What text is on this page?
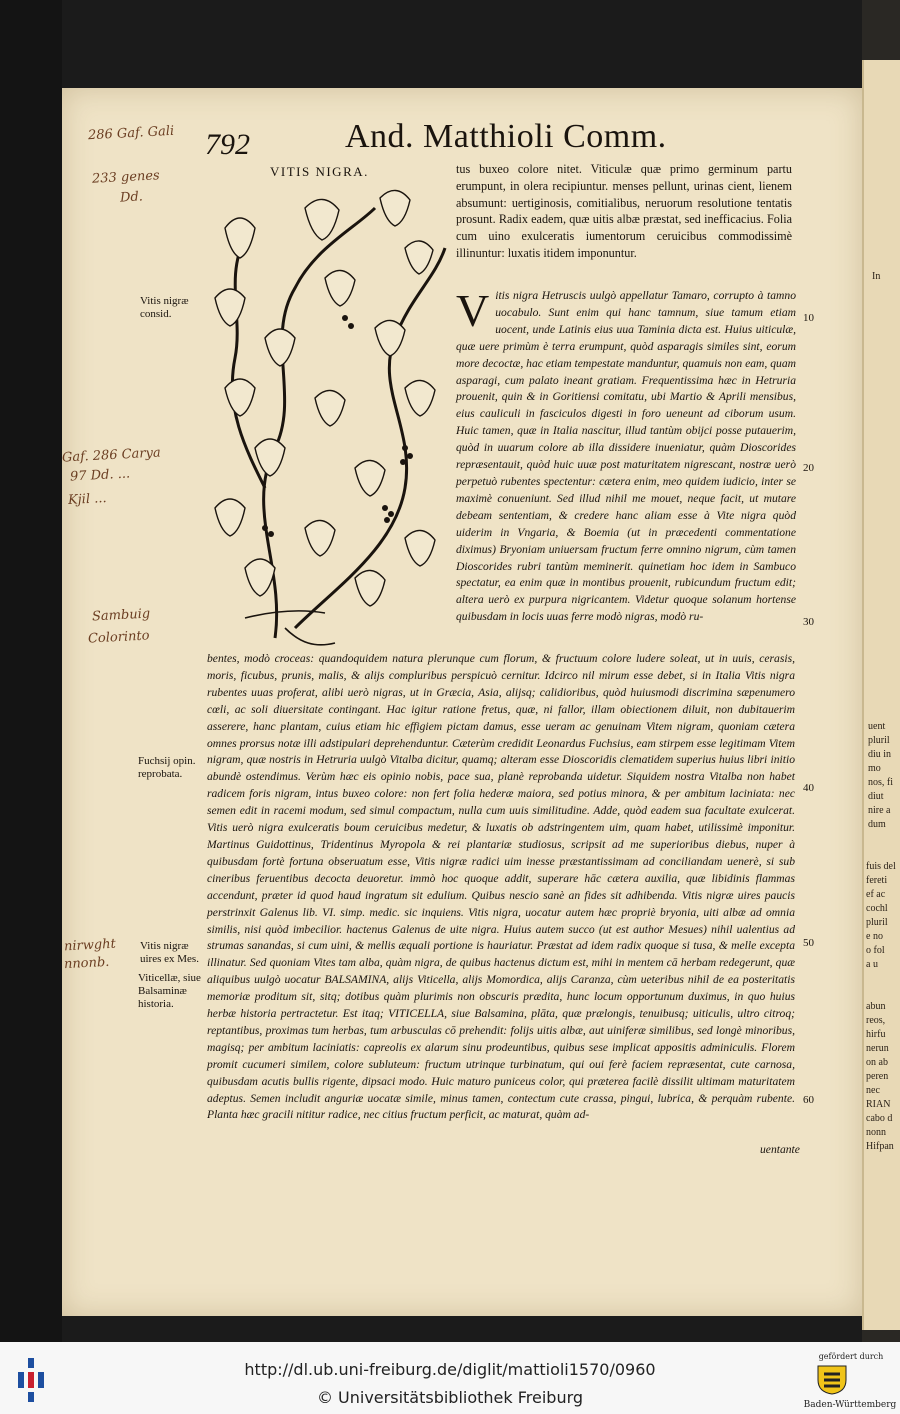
In
uent
pluril
diu in
mo
nos, fi
diut
nire a
dum
fuis del
fereti
ef ac
cochl
pluril
e no
o fol
a u
abun
reos,
hirfu
nerun
on ab
peren
nec
RIAN
cabo d
nonn
Hifpan
792	And. Matthioli Comm.
286 Gaf. Gali
233 genes
Dd.
Gaf. 286 Carya
97 Dd. ...
Kjil ...
Sambuig
Colorinto
nirwght
nnonb.
VITIS NIGRA.	tus buxeo colore nitet. Viticulæ quæ primo germinum partu erumpunt, in olera recipiuntur. menses pellunt, urinas cient, lienem absumunt: uertiginosis, comitialibus, neruorum resolutione tentatis prosunt. Radix eadem, quæ uitis albæ præstat, sed inefficacius. Folia cum uino exulceratis iumentorum ceruicibus commodissimè illinuntur: luxatis itidem imponuntur.
V itis nigra Hetruscis uulgò appellatur Tamaro, corrupto à tamno uocabulo. Sunt enim qui hanc tamnum, siue tamum etiam uocent, unde Latinis eius uua Taminia dicta est. Huius uiticulæ, quæ uere primùm è terra erumpunt, quòd asparagis similes sint, eorum more decoctæ, hac etiam tempestate manduntur, quamuis non eam, quam asparagi, cum palato ineant gratiam. Frequentissima hæc in Hetruria prouenit, quin & in Goritiensi comitatu, ubi Martio & Aprili mensibus, eius cauliculi in fasciculos digesti in foro ueneunt ad ciborum usum. Huic tamen, quæ in Italia nascitur, illud tantùm obijci posse putauerim, quòd in uuarum colore ab illa dissidere inueniatur, quàm Dioscorides repræsentauit, quòd huic uuæ post maturitatem nigrescant, nostræ uerò perpetuò rubentes spectentur: cætera enim, meo quidem iudicio, inter se maximè conueniunt. Sed illud nihil me mouet, neque facit, ut mutare debeam sententiam, & credere hanc aliam esse à Vite nigra quòd uiderim in Vngaria, & Boemia (ut in præcedenti commentatione diximus) Bryoniam uniuersam fructum ferre omnino nigrum, cùm tamen Dioscorides rubri tantùm meminerit. quinetiam hoc idem in Sambuco spectatur, ea enim quæ in montibus prouenit, rubicundum fructum edit; altera uerò ex purpura nigricantem. Videtur quoque solanum hortense quibusdam in locis uuas ferre modò nigras, modò ru-
bentes, modò croceas: quandoquidem natura plerunque cum florum, & fructuum colore ludere soleat, ut in uuis, cerasis, moris, ficubus, prunis, malis, & alijs compluribus perspicuò cernitur. Idcirco nil mirum esse debet, si in Italia Vitis nigra rubentes uuas proferat, alibi uerò nigras, ut in Græcia, Asia, alijsq; calidioribus, quòd huiusmodi discrimina sæpenumero cœli, ac soli diuersitate contingant. Hac igitur ratione fretus, quæ, ni fallor, illam obiectionem diluit, non dubitauerim asserere, hanc plantam, cuius etiam hic effigiem pictam damus, esse ueram ac genuinam Vitem nigram, quoniam cætera omnes prorsus notæ illi adstipulari deprehenduntur. Cæterùm credidit Leonardus Fuchsius, eam stirpem esse legitimam Vitem nigram, quæ nostris in Hetruria uulgò Vitalba dicitur, quamq; alteram esse Dioscoridis clematidem superius huius libri initio abundè ostendimus. Verùm hæc eis opinio nobis, pace sua, planè reprobanda uidetur. Siquidem nostra Vitalba non habet radicem foris nigram, intus buxeo colore: non fert folia hederæ maiora, sed potius minora, & per ambitum laciniata: nec semen edit in racemi modum, sed simul compactum, nulla cum uuis similitudine. Adde, quòd eadem sua facultate exulcerat. Vitis uerò nigra exulceratis boum ceruicibus medetur, & luxatis ob adstringentem uim, quam habet, utilissimè imponitur. Martinus Guidottinus, Tridentinus Myropola & rei plantariæ studiosus, scripsit ad me superioribus diebus, nuper à quibusdam fortè fortuna obseruatum esse, Vitis nigræ radici uim inesse præstantissimam ad conciliandam uenerè, si sub cineribus feruentibus decocta deuoretur. immò hoc quoque addit, superare hāc cætera auxilia, quæ libidinis flammas accendunt, præter id quod haud ingratum sit edulium. Quibus nescio sanè an fides sit adhibenda. Vitis nigræ uires paucis perstrinxit Galenus lib. VI. simp. medic. sic inquiens. Vitis nigra, uocatur autem hæc propriè bryonia, uiti albæ ad omnia similis, nisi quòd imbecilior. hactenus Galenus de uite nigra. Huius autem succo (ut est author Mesues) nihil ualentius ad strumas sanandas, si cum uini, & mellis æquali portione is hauriatur. Præstat ad idem radix quoque si tusa, & melle excepta illinatur. Sed quoniam Vites tam alba, quàm nigra, de quibus hactenus dictum est, mihi in mentem cā herbam redegerunt, quæ aliquibus uulgò uocatur BALSAMINA, alijs Viticella, alijs Momordica, alijs Caranza, cùm ueteribus nihil de ea posteritatis memoriæ proditum sit, sitq; dotibus quàm plurimis non obscuris prædita, hunc locum opportunum duximus, in quo huius herbæ historia pertractetur. Est itaq; VITICELLA, siue Balsamina, plāta, quæ prælongis, tenuibusq; uiticulis, ultro citroq; reptantibus, proximas tum herbas, tum arbusculas cō prehendit: folijs uitis albæ, aut uiniferæ similibus, sed longè minoribus, magisq; per ambitum laciniatis: capreolis ex alarum sinu prodeuntibus, quibus sese implicat appositis adminiculis. Florem promit cucumeri similem, colore subluteum: fructum utrinque turbinatum, qui oui ferè faciem repræsentat, cute carnosa, quibusdam acutis bullis rigente, dipsaci modo. Huic maturo puniceus color, qui præterea facilè dissilit ultimam maturitatem adeptus. Semen includit anguriæ uocatæ simile, minus tamen, contectum cute crassa, pingui, lubrica, & perquàm rubente. Planta hæc gracili nititur radice, nec citius fructum perficit, ac maturat, quàm ad-
uentante
Vitis nigræ consid.
Fuchsij opin. reprobata.
Vitis nigræ uires ex Mes.
Viticellæ, siue Balsaminæ historia.
10
20
30
40
50
60
http://dl.ub.uni-freiburg.de/diglit/mattioli1570/0960
© Universitätsbibliothek Freiburg
gefördert durch
Baden-Württemberg
